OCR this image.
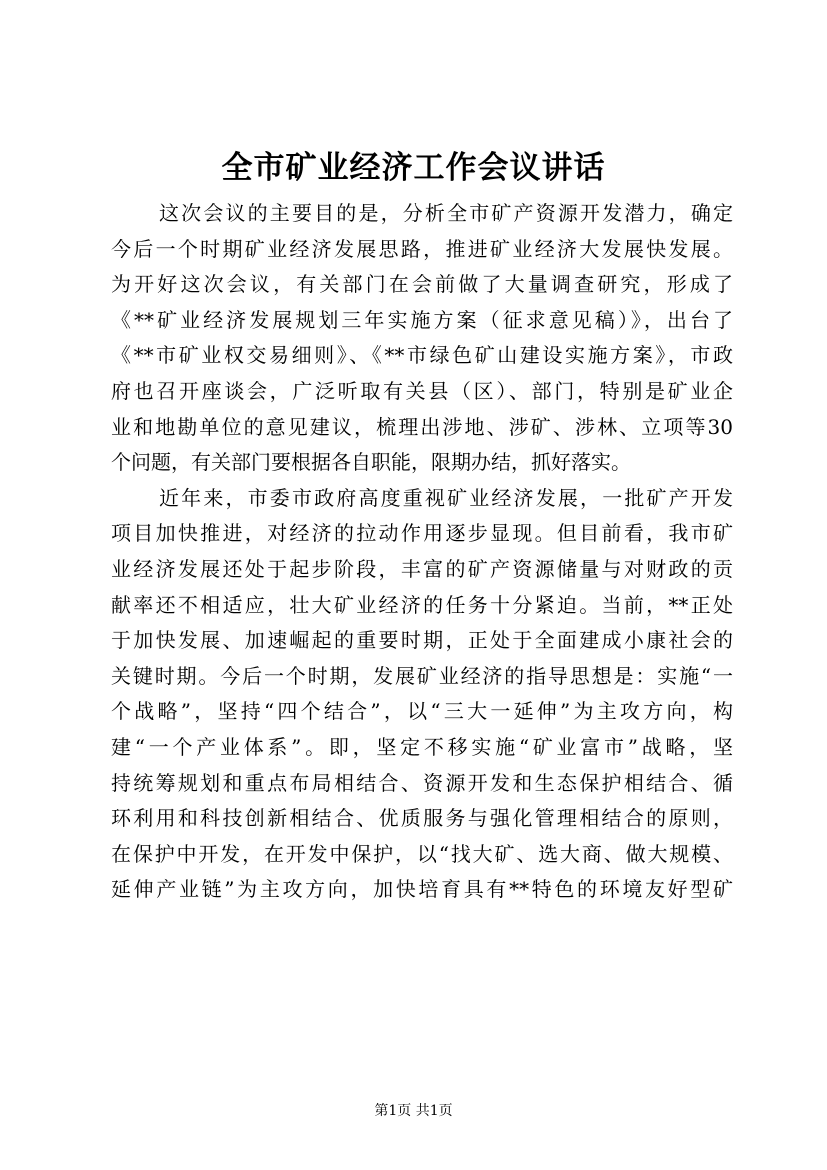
全市矿业经济工作会议讲话
这次会议的主要目的是，分析全市矿产资源开发潜力，确定
今后一个时期矿业经济发展思路，推进矿业经济大发展快发展。
为开好这次会议，有关部门在会前做了大量调查研究，形成了
《**矿业经济发展规划三年实施方案（征求意见稿）》，出台了
《**市矿业权交易细则》、《**市绿色矿山建设实施方案》，市政
府也召开座谈会，广泛听取有关县（区）、部门，特别是矿业企
业和地勘单位的意见建议，梳理出涉地、涉矿、涉林、立项等30
个问题，有关部门要根据各自职能，限期办结，抓好落实。
近年来，市委市政府高度重视矿业经济发展，一批矿产开发
项目加快推进，对经济的拉动作用逐步显现。但目前看，我市矿
业经济发展还处于起步阶段，丰富的矿产资源储量与对财政的贡
献率还不相适应，壮大矿业经济的任务十分紧迫。当前，**正处
于加快发展、加速崛起的重要时期，正处于全面建成小康社会的
关键时期。今后一个时期，发展矿业经济的指导思想是：实施“一
个战略”，坚持“四个结合”，以“三大一延伸”为主攻方向，构
建“一个产业体系”。即，坚定不移实施“矿业富市”战略，坚
持统筹规划和重点布局相结合、资源开发和生态保护相结合、循
环利用和科技创新相结合、优质服务与强化管理相结合的原则，
在保护中开发，在开发中保护，以“找大矿、选大商、做大规模、
延伸产业链”为主攻方向，加快培育具有**特色的环境友好型矿
第1页 共1页
